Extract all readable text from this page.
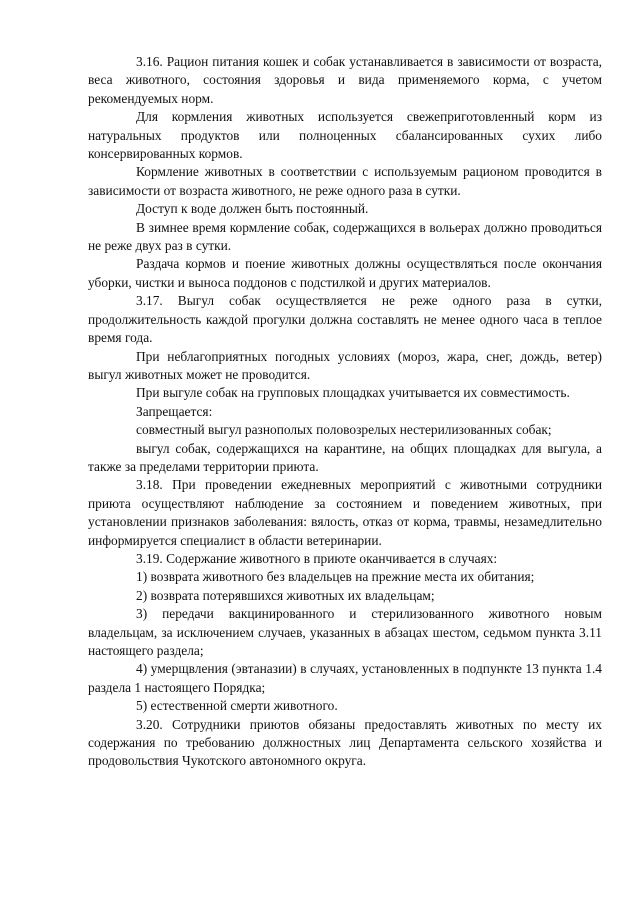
3.16. Рацион питания кошек и собак устанавливается в зависимости от возраста, веса животного, состояния здоровья и вида применяемого корма, с учетом рекомендуемых норм.

Для кормления животных используется свежеприготовленный корм из натуральных продуктов или полноценных сбалансированных сухих либо консервированных кормов.

Кормление животных в соответствии с используемым рационом проводится в зависимости от возраста животного, не реже одного раза в сутки.

Доступ к воде должен быть постоянный.

В зимнее время кормление собак, содержащихся в вольерах должно проводиться не реже двух раз в сутки.

Раздача кормов и поение животных должны осуществляться после окончания уборки, чистки и выноса поддонов с подстилкой и других материалов.

3.17. Выгул собак осуществляется не реже одного раза в сутки, продолжительность каждой прогулки должна составлять не менее одного часа в теплое время года.

При неблагоприятных погодных условиях (мороз, жара, снег, дождь, ветер) выгул животных может не проводится.

При выгуле собак на групповых площадках учитывается их совместимость.

Запрещается:

совместный выгул разнополых половозрелых нестерилизованных собак;

выгул собак, содержащихся на карантине, на общих площадках для выгула, а также за пределами территории приюта.

3.18. При проведении ежедневных мероприятий с животными сотрудники приюта осуществляют наблюдение за состоянием и поведением животных, при установлении признаков заболевания: вялость, отказ от корма, травмы, незамедлительно информируется специалист в области ветеринарии.

3.19. Содержание животного в приюте оканчивается в случаях:

1) возврата животного без владельцев на прежние места их обитания;

2) возврата потерявшихся животных их владельцам;

3) передачи вакцинированного и стерилизованного животного новым владельцам, за исключением случаев, указанных в абзацах шестом, седьмом пункта 3.11 настоящего раздела;

4) умерщвления (эвтаназии) в случаях, установленных в подпункте 13 пункта 1.4 раздела 1 настоящего Порядка;

5) естественной смерти животного.

3.20. Сотрудники приютов обязаны предоставлять животных по месту их содержания по требованию должностных лиц Департамента сельского хозяйства и продовольствия Чукотского автономного округа.
